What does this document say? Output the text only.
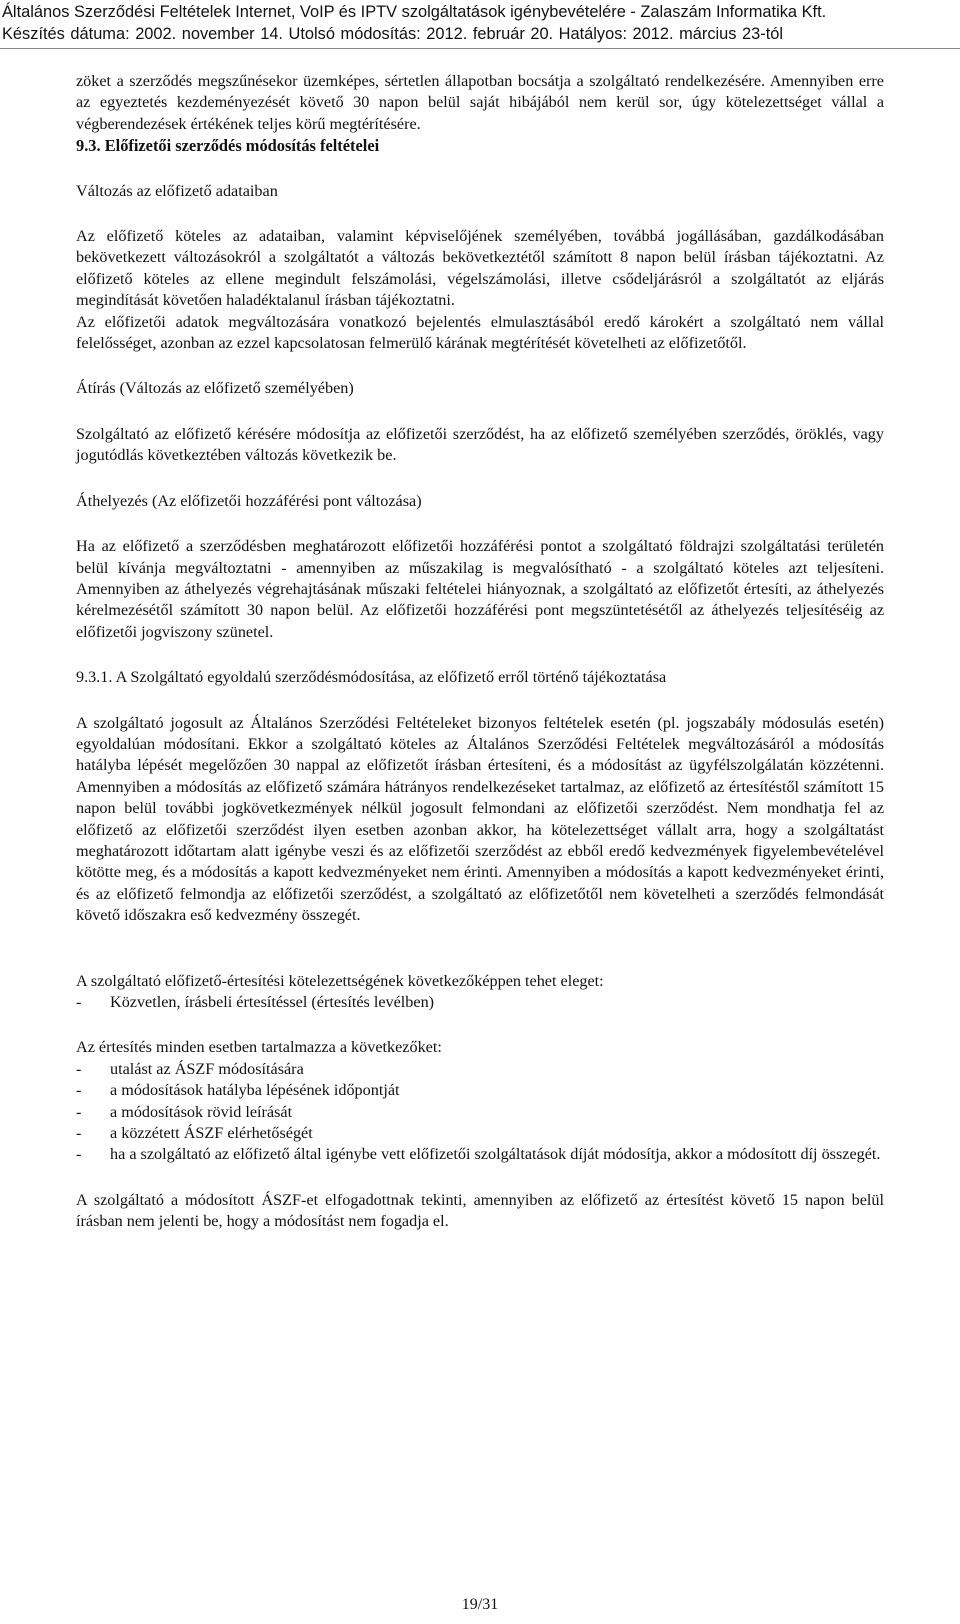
Általános Szerződési Feltételek Internet, VoIP és IPTV szolgáltatások igénybevételére - Zalaszám Informatika Kft.
Készítés dátuma: 2002. november 14. Utolsó módosítás: 2012. február 20. Hatályos: 2012. március 23-tól

zöket a szerződés megszűnésekor üzemképes, sértetlen állapotban bocsátja a szolgáltató rendelkezésére. Amennyiben erre az egyeztetés kezdeményezését követő 30 napon belül saját hibájából nem kerül sor, úgy kötelezettséget vállal a végberendezések értékének teljes körű megtérítésére.

9.3. Előfizetői szerződés módosítás feltételei

Változás az előfizető adataiban

Az előfizető köteles az adataiban, valamint képviselőjének személyében, továbbá jogállásában, gazdálkodásában bekövetkezett változásokról a szolgáltatót a változás bekövetkeztétől számított 8 napon belül írásban tájékoztatni. Az előfizető köteles az ellene megindult felszámolási, végelszámolási, illetve csődeljárásról a szolgáltatót az eljárás megindítását követően haladéktalanul írásban tájékoztatni.

Az előfizetői adatok megváltozására vonatkozó bejelentés elmulasztásából eredő károkért a szolgáltató nem vállal felelősséget, azonban az ezzel kapcsolatosan felmerülő kárának megtérítését követelheti az előfizetőtől.

Átírás (Változás az előfizető személyében)

Szolgáltató az előfizető kérésére módosítja az előfizetői szerződést, ha az előfizető személyében szerződés, öröklés, vagy jogutódlás következtében változás következik be.

Áthelyezés (Az előfizetői hozzáférési pont változása)

Ha az előfizető a szerződésben meghatározott előfizetői hozzáférési pontot a szolgáltató földrajzi szolgáltatási területén belül kívánja megváltoztatni - amennyiben az műszakilag is megvalósítható - a szolgáltató köteles azt teljesíteni. Amennyiben az áthelyezés végrehajtásának műszaki feltételei hiányoznak, a szolgáltató az előfizetőt értesíti, az áthelyezés kérelmezésétől számított 30 napon belül. Az előfizetői hozzáférési pont megszüntetésétől az áthelyezés teljesítéséig az előfizetői jogviszony szünetel.

9.3.1. A Szolgáltató egyoldalú szerződésmódosítása, az előfizető erről történő tájékoztatása

A szolgáltató jogosult az Általános Szerződési Feltételeket bizonyos feltételek esetén (pl. jogszabály módosulás esetén) egyoldalúan módosítani. Ekkor a szolgáltató köteles az Általános Szerződési Feltételek megváltozásáról a módosítás hatályba lépését megelőzően 30 nappal az előfizetőt írásban értesíteni, és a módosítást az ügyfélszolgálatán közzétenni. Amennyiben a módosítás az előfizető számára hátrányos rendelkezéseket tartalmaz, az előfizető az értesítéstől számított 15 napon belül további jogkövetkezmények nélkül jogosult felmondani az előfizetői szerződést. Nem mondhatja fel az előfizető az előfizetői szerződést ilyen esetben azonban akkor, ha kötelezettséget vállalt arra, hogy a szolgáltatást meghatározott időtartam alatt igénybe veszi és az előfizetői szerződést az ebből eredő kedvezmények figyelembevételével kötötte meg, és a módosítás a kapott kedvezményeket nem érinti. Amennyiben a módosítás a kapott kedvezményeket érinti, és az előfizető felmondja az előfizetői szerződést, a szolgáltató az előfizetőtől nem követelheti a szerződés felmondását követő időszakra eső kedvezmény összegét.

A szolgáltató előfizető-értesítési kötelezettségének következőképpen tehet eleget:

- Közvetlen, írásbeli értesítéssel (értesítés levélben)

Az értesítés minden esetben tartalmazza a következőket:

- utalást az ÁSZF módosítására
- a módosítások hatályba lépésének időpontját
- a módosítások rövid leírását
- a közzétett ÁSZF elérhetőségét
- ha a szolgáltató az előfizető által igénybe vett előfizetői szolgáltatások díját módosítja, akkor a módosított díj összegét.

A szolgáltató a módosított ÁSZF-et elfogadottnak tekinti, amennyiben az előfizető az értesítést követő 15 napon belül írásban nem jelenti be, hogy a módosítást nem fogadja el.

19/31
